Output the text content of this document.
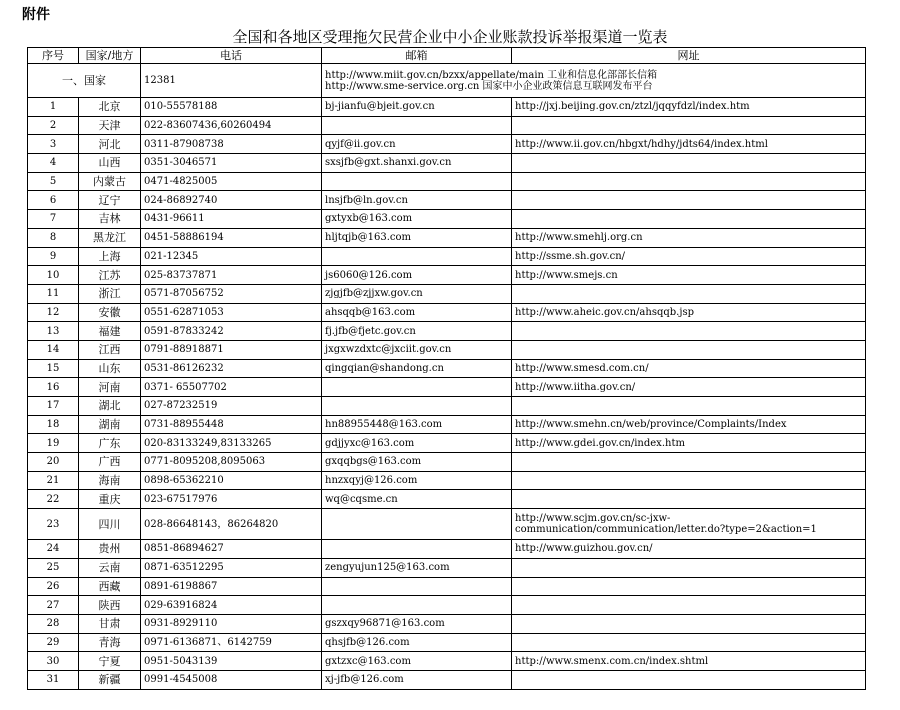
附件
全国和各地区受理拖欠民营企业中小企业账款投诉举报渠道一览表
序号	国家/地方	电话	邮箱	网址
一、国家		12381	http://www.miit.gov.cn/bzxx/appellate/main 工业和信息化部部长信箱
http://www.sme-service.org.cn 国家中小企业政策信息互联网发布平台	

1	北京	010-55578188	bj-jianfu@bjeit.gov.cn	http://jxj.beijing.gov.cn/ztzl/jqqyfdzl/index.htm
2	天津	022-83607436,60260494		
3	河北	0311-87908738	qyjf@ii.gov.cn	http://www.ii.gov.cn/hbgxt/hdhy/jdts64/index.html
4	山西	0351-3046571	sxsjfb@gxt.shanxi.gov.cn	
5	内蒙古	0471-4825005		
6	辽宁	024-86892740	lnsjfb@ln.gov.cn	
7	吉林	0431-96611	gxtyxb@163.com	
8	黑龙江	0451-58886194	hljtqjb@163.com	http://www.smehlj.org.cn
9	上海	021-12345		http://ssme.sh.gov.cn/
10	江苏	025-83737871	js6060@126.com	http://www.smejs.cn
11	浙江	0571-87056752	zjgjfb@zjjxw.gov.cn	
12	安徽	0551-62871053	ahsqqb@163.com	http://www.aheic.gov.cn/ahsqqb.jsp
13	福建	0591-87833242	fj.jfb@fjetc.gov.cn	
14	江西	0791-88918871	jxgxwzdxtc@jxciit.gov.cn	
15	山东	0531-86126232	qingqian@shandong.cn	http://www.smesd.com.cn/
16	河南	0371- 65507702		http://www.iitha.gov.cn/
17	湖北	027-87232519		
18	湖南	0731-88955448	hn88955448@163.com	http://www.smehn.cn/web/province/Complaints/Index
19	广东	020-83133249,83133265	gdjjyxc@163.com	http://www.gdei.gov.cn/index.htm
20	广西	0771-8095208,8095063	gxqqbgs@163.com	
21	海南	0898-65362210	hnzxqyj@126.com	
22	重庆	023-67517976	wq@cqsme.cn	
23	四川	028-86648143，86264820		http://www.scjm.gov.cn/sc-jxw-communication/communication/letter.do?type=2&action=1
24	贵州	0851-86894627		http://www.guizhou.gov.cn/
25	云南	0871-63512295	zengyujun125@163.com	
26	西藏	0891-6198867		
27	陕西	029-63916824		
28	甘肃	0931-8929110	gszxqy96871@163.com	
29	青海	0971-6136871、6142759	qhsjfb@126.com	
30	宁夏	0951-5043139	gxtzxc@163.com	http://www.smenx.com.cn/index.shtml
31	新疆	0991-4545008	xj-jfb@126.com	
